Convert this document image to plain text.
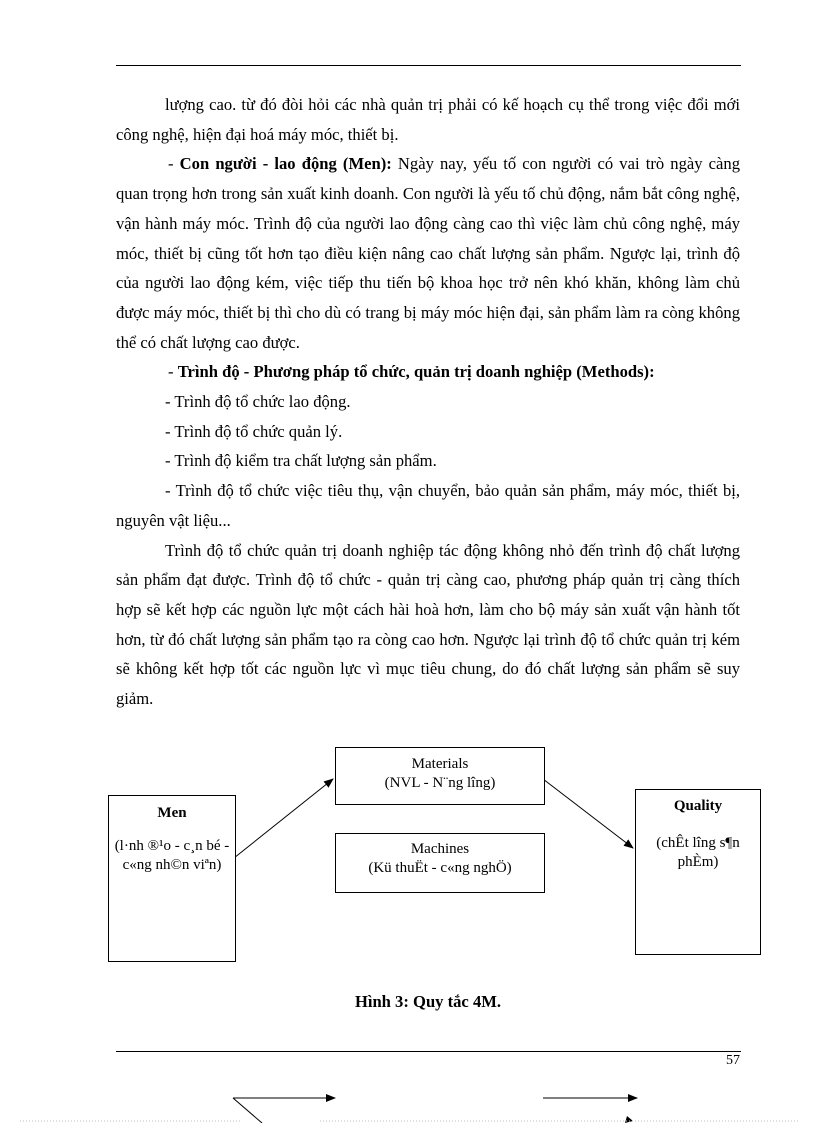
lượng cao. từ đó đòi hỏi các nhà quản trị phải có kế hoạch cụ thể trong việc đổi mới công nghệ, hiện đại hoá máy móc, thiết bị.

- Con người - lao động (Men): Ngày nay, yếu tố con người có vai trò ngày càng quan trọng hơn trong sản xuất kinh doanh. Con người là yếu tố chủ động, nắm bắt công nghệ, vận hành máy móc. Trình độ của người lao động càng cao thì việc làm chủ công nghệ, máy móc, thiết bị cũng tốt hơn tạo điều kiện nâng cao chất lượng sản phẩm. Ngược lại, trình độ của người lao động kém, việc tiếp thu tiến bộ khoa học trở nên khó khăn, không làm chủ được máy móc, thiết bị thì cho dù có trang bị máy móc hiện đại, sản phẩm làm ra còng không thể có chất lượng cao được.

- Trình độ - Phương pháp tổ chức, quản trị doanh nghiệp (Methods):

- Trình độ tổ chức lao động.

- Trình độ tổ chức quản lý.

- Trình độ kiểm tra chất lượng sản phẩm.

- Trình độ tổ chức việc tiêu thụ, vận chuyển, bảo quản sản phẩm, máy móc, thiết bị, nguyên vật liệu...

Trình độ tổ chức quản trị doanh nghiệp tác động không nhỏ đến trình độ chất lượng sản phẩm đạt được. Trình độ tổ chức - quản trị càng cao, phương pháp quản trị càng thích hợp sẽ kết hợp các nguồn lực một cách hài hoà hơn, làm cho bộ máy sản xuất vận hành tốt hơn, từ đó chất lượng sản phẩm tạo ra còng cao hơn. Ngược lại trình độ tổ chức quản trị kém sẽ không kết hợp tốt các nguồn lực vì mục tiêu chung, do đó chất lượng sản phẩm sẽ suy giảm.

Men
(l·nh ®¹o - c¸n bé - c«ng nh©n viªn)
Materials
(NVL - N¨ng lîng)
Machines
(Kü thuËt - c«ng nghÖ)
Quality
(chÊt lîng s¶n phÈm)
Hình 3: Quy tắc 4M.
57
